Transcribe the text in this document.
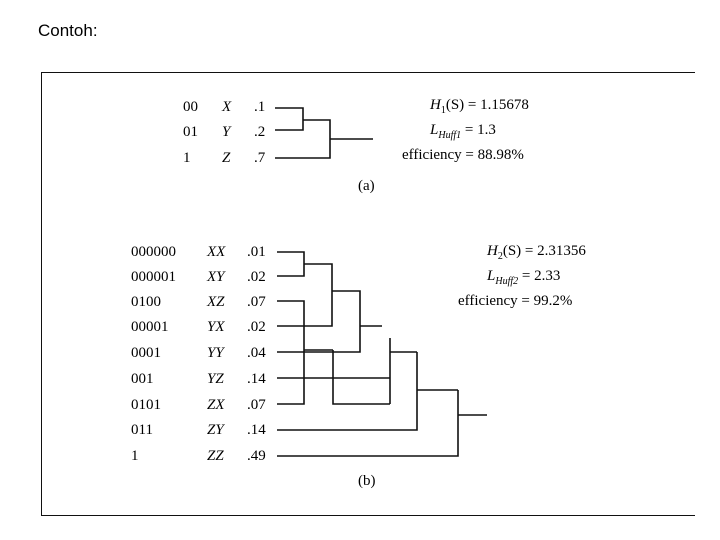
Contoh:
00 X .1
01 Y .2
1 Z .7
$H_1(S) = 1.15678$
$L_{Huff1} = 1.3$
efficiency = 88.98%
(a)
000000 XX .01
000001 XY .02
0100	XZ .07
00001	YX .02
0001	YY .04
001	YZ .14
0101	ZX .07
011	ZY .14
1	ZZ .49
$H_2(S) = 2.31356$
$L_{Huff2} = 2.33$
efficiency = 99.2%
(b)
